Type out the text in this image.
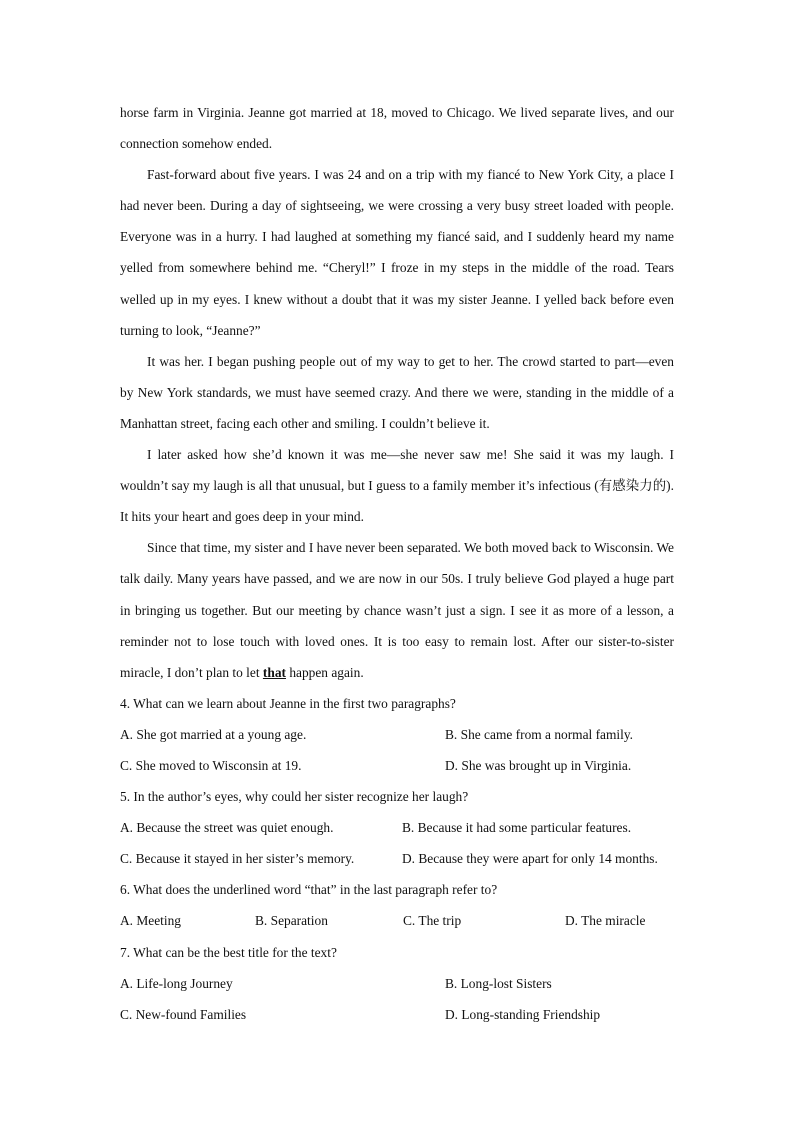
horse farm in Virginia. Jeanne got married at 18, moved to Chicago. We lived separate lives, and our connection somehow ended.

Fast-forward about five years. I was 24 and on a trip with my fiancé to New York City, a place I had never been. During a day of sightseeing, we were crossing a very busy street loaded with people. Everyone was in a hurry. I had laughed at something my fiancé said, and I suddenly heard my name yelled from somewhere behind me. “Cheryl!” I froze in my steps in the middle of the road. Tears welled up in my eyes. I knew without a doubt that it was my sister Jeanne. I yelled back before even turning to look, “Jeanne?”

It was her. I began pushing people out of my way to get to her. The crowd started to part—even by New York standards, we must have seemed crazy. And there we were, standing in the middle of a Manhattan street, facing each other and smiling. I couldn’t believe it.

I later asked how she’d known it was me—she never saw me! She said it was my laugh. I wouldn’t say my laugh is all that unusual, but I guess to a family member it’s infectious (有感染力的). It hits your heart and goes deep in your mind.

Since that time, my sister and I have never been separated. We both moved back to Wisconsin. We talk daily. Many years have passed, and we are now in our 50s. I truly believe God played a huge part in bringing us together. But our meeting by chance wasn’t just a sign. I see it as more of a lesson, a reminder not to lose touch with loved ones. It is too easy to remain lost. After our sister-to-sister miracle, I don’t plan to let that happen again.

4. What can we learn about Jeanne in the first two paragraphs?

A. She got married at a young age.	B. She came from a normal family.
C. She moved to Wisconsin at 19.	D. She was brought up in Virginia.

5. In the author’s eyes, why could her sister recognize her laugh?

A. Because the street was quiet enough.	B. Because it had some particular features.
C. Because it stayed in her sister’s memory.	D. Because they were apart for only 14 months.

6. What does the underlined word “that” in the last paragraph refer to?

A. Meeting	B. Separation	C. The trip	D. The miracle

7. What can be the best title for the text?

A. Life-long Journey	B. Long-lost Sisters
C. New-found Families	D. Long-standing Friendship
